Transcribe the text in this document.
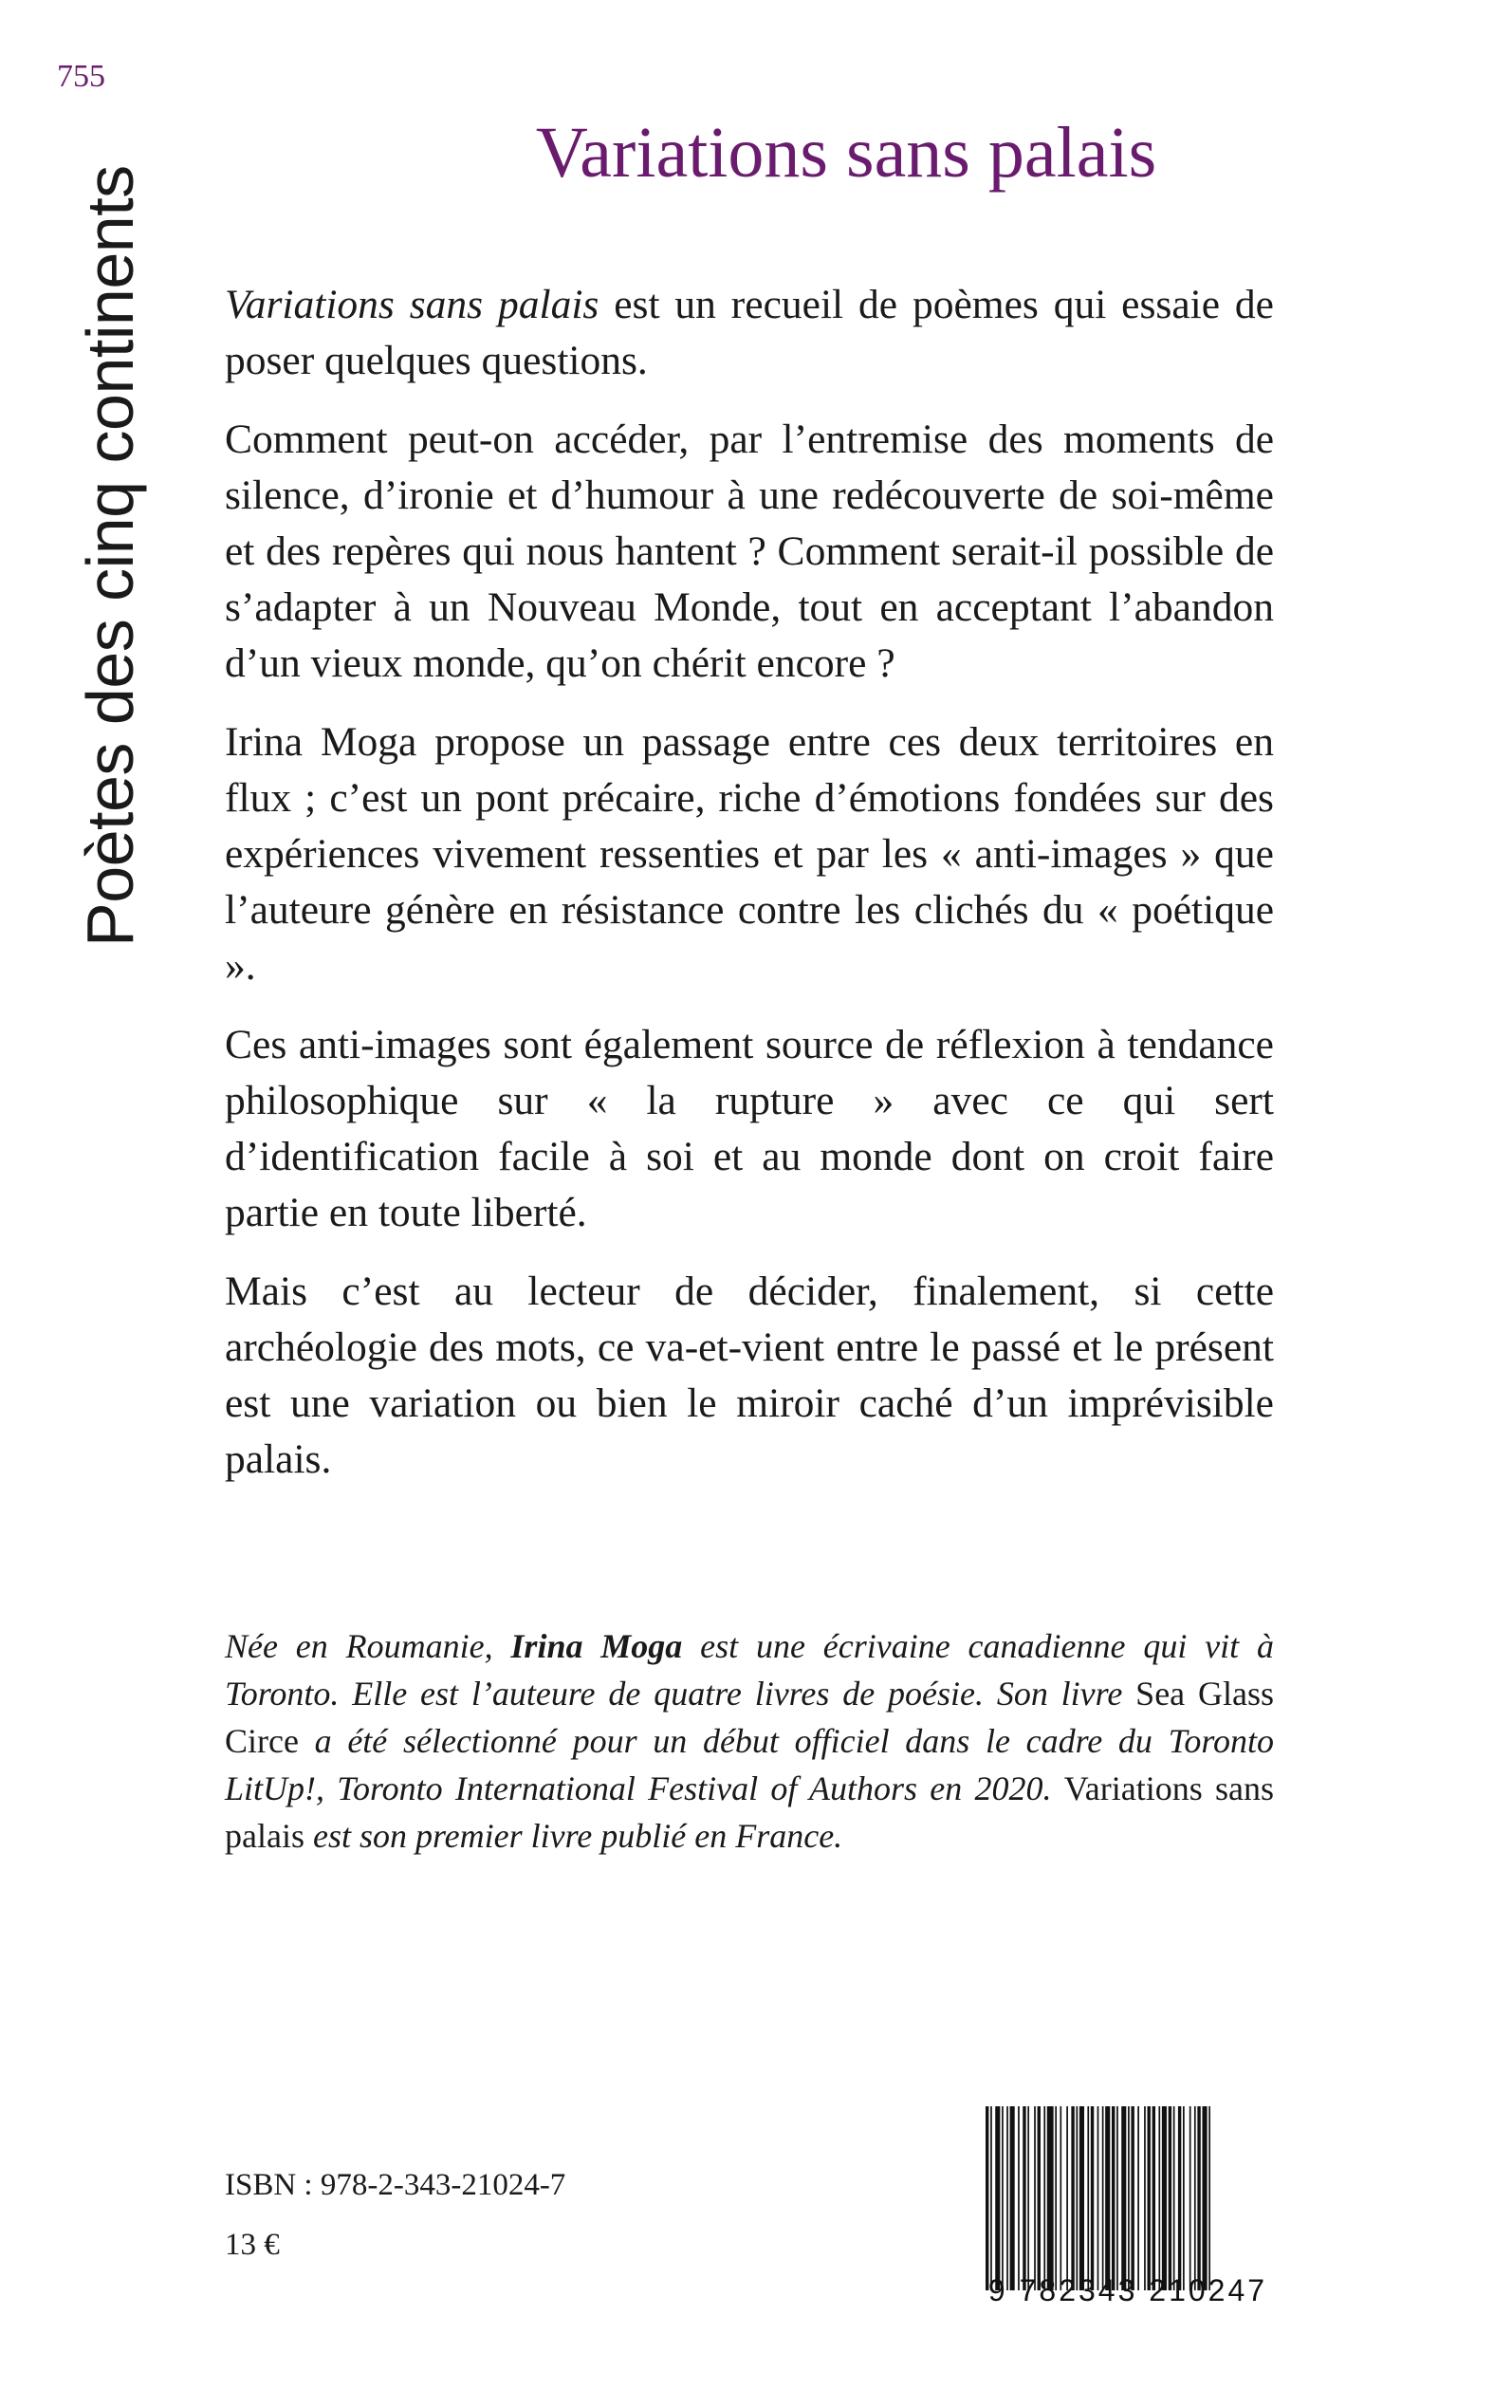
755
Poètes des cinq continents
Variations sans palais

Variations sans palais est un recueil de poèmes qui essaie de poser quelques questions.

Comment peut-on accéder, par l’entremise des moments de silence, d’ironie et d’humour à une redécouverte de soi-même et des repères qui nous hantent ? Comment serait-il possible de s’adapter à un Nouveau Monde, tout en acceptant l’abandon d’un vieux monde, qu’on chérit encore ?

Irina Moga propose un passage entre ces deux territoires en flux ; c’est un pont précaire, riche d’émotions fondées sur des expériences vivement ressenties et par les « anti-images » que l’auteure génère en résistance contre les clichés du « poétique ».

Ces anti-images sont également source de réflexion à tendance philosophique sur « la rupture » avec ce qui sert d’identification facile à soi et au monde dont on croit faire partie en toute liberté.

Mais c’est au lecteur de décider, finalement, si cette archéologie des mots, ce va-et-vient entre le passé et le présent est une variation ou bien le miroir caché d’un imprévisible palais.

Née en Roumanie, Irina Moga est une écrivaine canadienne qui vit à Toronto. Elle est l’auteure de quatre livres de poésie. Son livre Sea Glass Circe a été sélectionné pour un début officiel dans le cadre du Toronto LitUp!, Toronto International Festival of Authors en 2020. Variations sans palais est son premier livre publié en France.
ISBN : 978-2-343-21024-7
13 €
9 782343 210247
